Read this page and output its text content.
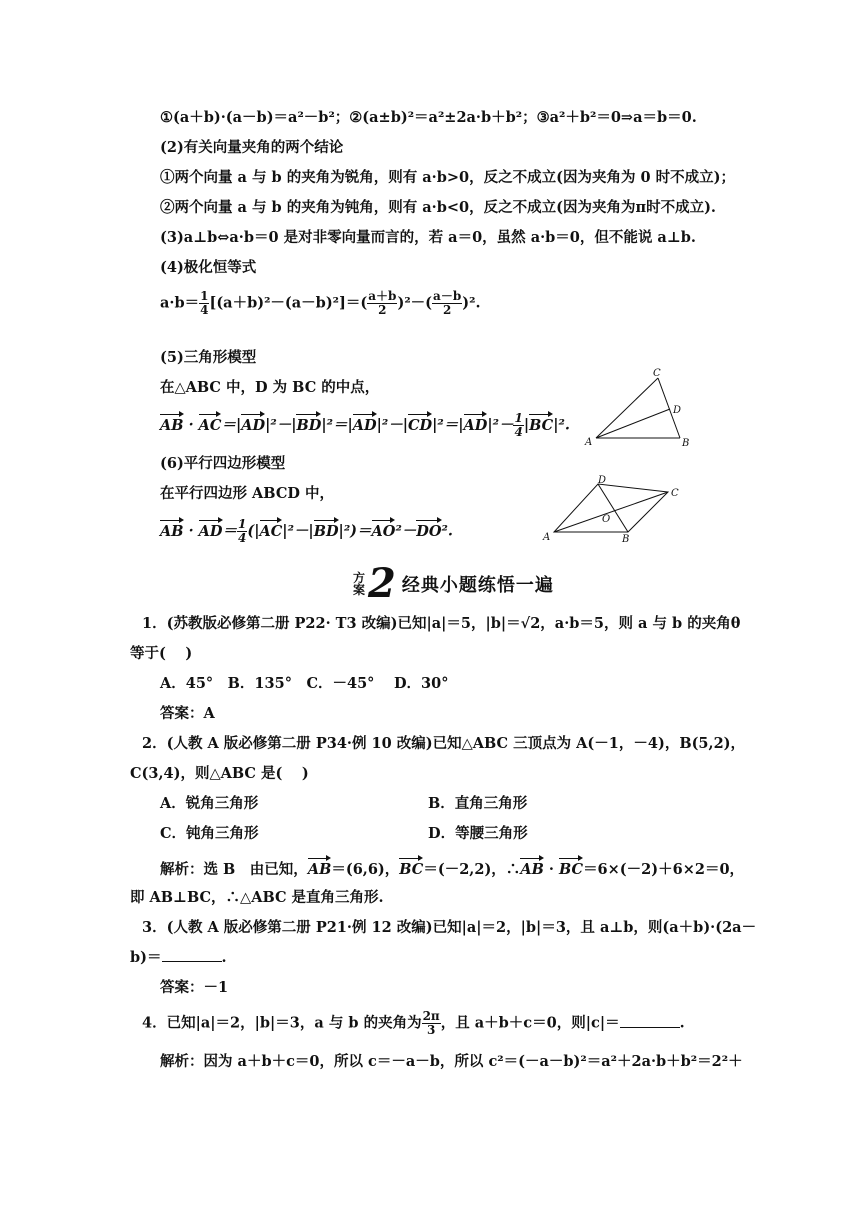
①(a＋b)·(a－b)＝a²－b²；②(a±b)²＝a²±2a·b＋b²；③a²＋b²＝0⇒a＝b＝0.
(2)有关向量夹角的两个结论
①两个向量 a 与 b 的夹角为锐角，则有 a·b>0，反之不成立(因为夹角为 0 时不成立)；
②两个向量 a 与 b 的夹角为钝角，则有 a·b<0，反之不成立(因为夹角为π时不成立).
(3)a⊥b⇔a·b＝0 是对非零向量而言的，若 a＝0，虽然 a·b＝0，但不能说 a⊥b.
(4)极化恒等式
$a\cdot b= \frac{1}{4} [(a+b)^2-(a-b)^2]=( \frac{a+b}{2} )^2-( \frac{a-b}{2} )^2$.
(5)三角形模型
在△ABC 中，D 为 BC 的中点，
AB · $AC=|AD|^2-|BD|^2=|AD|^2-|CD|^2=|AD|^2- \frac{1}{4} |BC|^2$.
A	B
C
D
(6)平行四边形模型
在平行四边形 ABCD 中，
AB · $AD= \frac{1}{4} (|AC|^2-|BD|^2)=AO^2-DO^2$.	A	B
C
D
O
方
案 2 经典小题练悟一遍
1．(苏教版必修第二册 P22· T3 改编)已知|a|＝5，|b|＝√2，a·b＝5，则 a 与 b 的夹角θ
等于(　 )
A．45°　B．135°　C．－45°　 D．30°
答案：A
2．(人教 A 版必修第二册 P34·例 10 改编)已知△ABC 三顶点为 A(－1，－4)，B(5,2)，
C(3,4)，则△ABC 是(　 )
A．锐角三角形	B．直角三角形
C．钝角三角形	D．等腰三角形
解析：选 B　由已知，AB＝(6,6)，BC＝(－2,2)，∴AB · BC＝6×(－2)＋6×2＝0，
即 AB⊥BC，∴△ABC 是直角三角形.
3．(人教 A 版必修第二册 P21·例 12 改编)已知|a|＝2，|b|＝3，且 a⊥b，则(a＋b)·(2a－
b)＝	.
答案：－1
4．已知|a|＝2，|b|＝3，a 与 b 的夹角为 $\frac{2\pi}{3}$ ，且 a＋b＋c＝0，则|c|＝	.
解析：因为 a＋b＋c＝0，所以 c＝－a－b，所以 c²＝(－a－b)²＝a²＋2a·b＋b²＝2²＋
